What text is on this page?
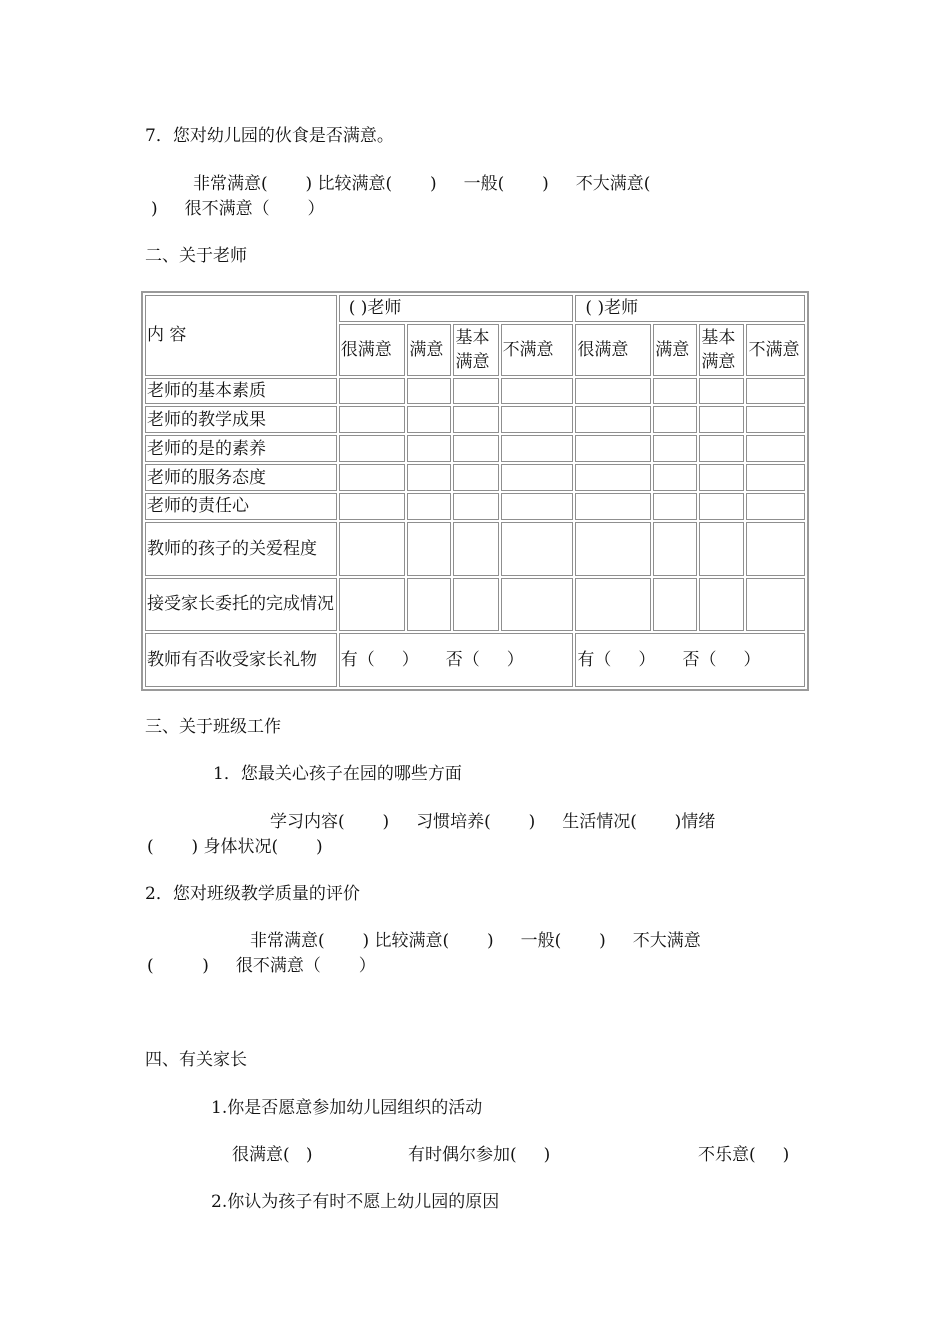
7．您对幼儿园的伙食是否满意。

非常满意(       ) 比较满意(       )     一般(       )     不大满意(

)     很不满意（       ）

二、关于老师

内 容	( )老师				( )老师			
	很满意	满意	基本满意	不满意	很满意	满意	基本满意	不满意
老师的基本素质								
老师的教学成果								
老师的是的素养								
老师的服务态度								
老师的责任心								
教师的孩子的关爱程度								
接受家长委托的完成情况								
教师有否收受家长礼物	有（     ）     否（     ）				有（     ）     否（     ）			

三、关于班级工作

1．您最关心孩子在园的哪些方面

学习内容(       )     习惯培养(       )     生活情况(       )情绪

(       ) 身体状况(       )

2．您对班级教学质量的评价

非常满意(       ) 比较满意(       )     一般(       )     不大满意

(         )     很不满意（       ）

四、有关家长

1.你是否愿意参加幼儿园组织的活动

很满意(   )	有时偶尔参加(     )	不乐意(     )

2.你认为孩子有时不愿上幼儿园的原因
